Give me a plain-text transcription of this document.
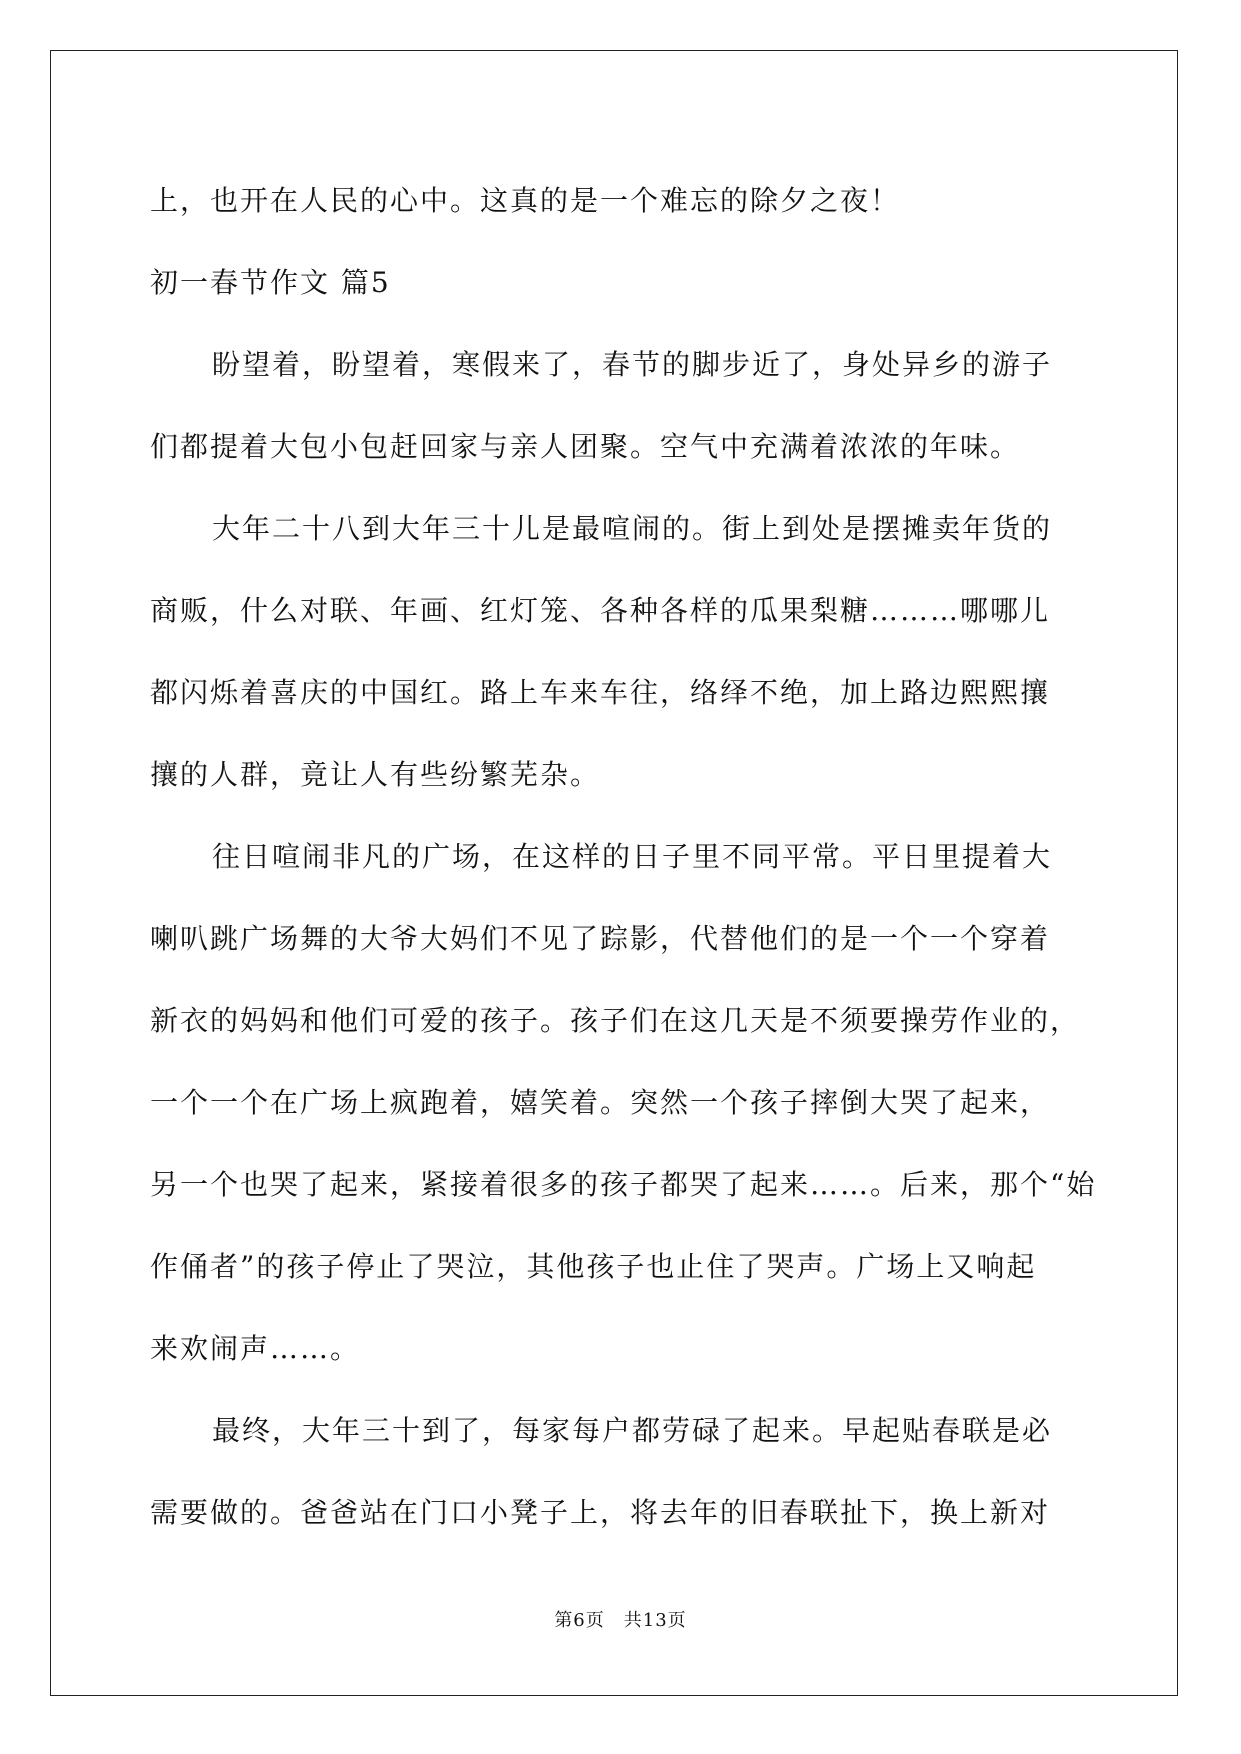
上，也开在人民的心中。这真的是一个难忘的除夕之夜！

初一春节作文 篇5

盼望着，盼望着，寒假来了，春节的脚步近了，身处异乡的游子

们都提着大包小包赶回家与亲人团聚。空气中充满着浓浓的年味。

大年二十八到大年三十儿是最喧闹的。街上到处是摆摊卖年货的

商贩，什么对联、年画、红灯笼、各种各样的瓜果梨糖………哪哪儿

都闪烁着喜庆的中国红。路上车来车往，络绎不绝，加上路边熙熙攘

攘的人群，竟让人有些纷繁芜杂。

往日喧闹非凡的广场，在这样的日子里不同平常。平日里提着大

喇叭跳广场舞的大爷大妈们不见了踪影，代替他们的是一个一个穿着

新衣的妈妈和他们可爱的孩子。孩子们在这几天是不须要操劳作业的，

一个一个在广场上疯跑着，嬉笑着。突然一个孩子摔倒大哭了起来，

另一个也哭了起来，紧接着很多的孩子都哭了起来……。后来，那个“始

作俑者”的孩子停止了哭泣，其他孩子也止住了哭声。广场上又响起

来欢闹声……。

最终，大年三十到了，每家每户都劳碌了起来。早起贴春联是必

需要做的。爸爸站在门口小凳子上，将去年的旧春联扯下，换上新对

第6页　共13页
